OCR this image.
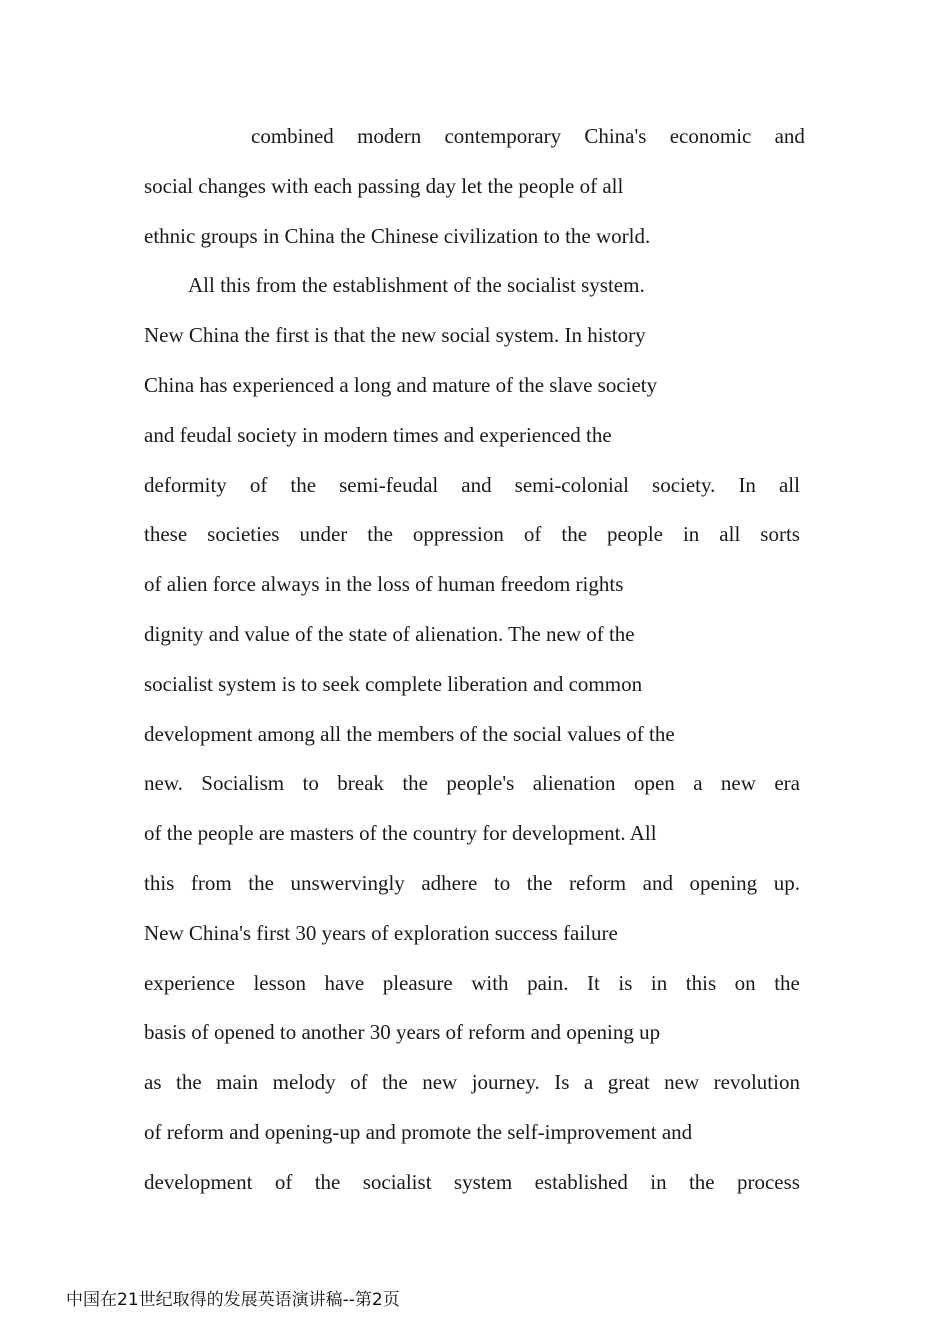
combined modern contemporary China's economic and
social changes with each passing day let the people of all
ethnic groups in China the Chinese civilization to the world.
All this from the establishment of the socialist system.
New China the first is that the new social system. In history
China has experienced a long and mature of the slave society
and feudal society in modern times and experienced the
deformity of the semi-feudal and semi-colonial society. In all
these societies under the oppression of the people in all sorts
of alien force always in the loss of human freedom rights
dignity and value of the state of alienation. The new of the
socialist system is to seek complete liberation and common
development among all the members of the social values of the
new. Socialism to break the people's alienation open a new era
of the people are masters of the country for development. All
this from the unswervingly adhere to the reform and opening up.
New China's first 30 years of exploration success failure
experience lesson have pleasure with pain. It is in this on the
basis of opened to another 30 years of reform and opening up
as the main melody of the new journey. Is a great new revolution
of reform and opening-up and promote the self-improvement and
development of the socialist system established in the process
中国在21世纪取得的发展英语演讲稿--第2页
